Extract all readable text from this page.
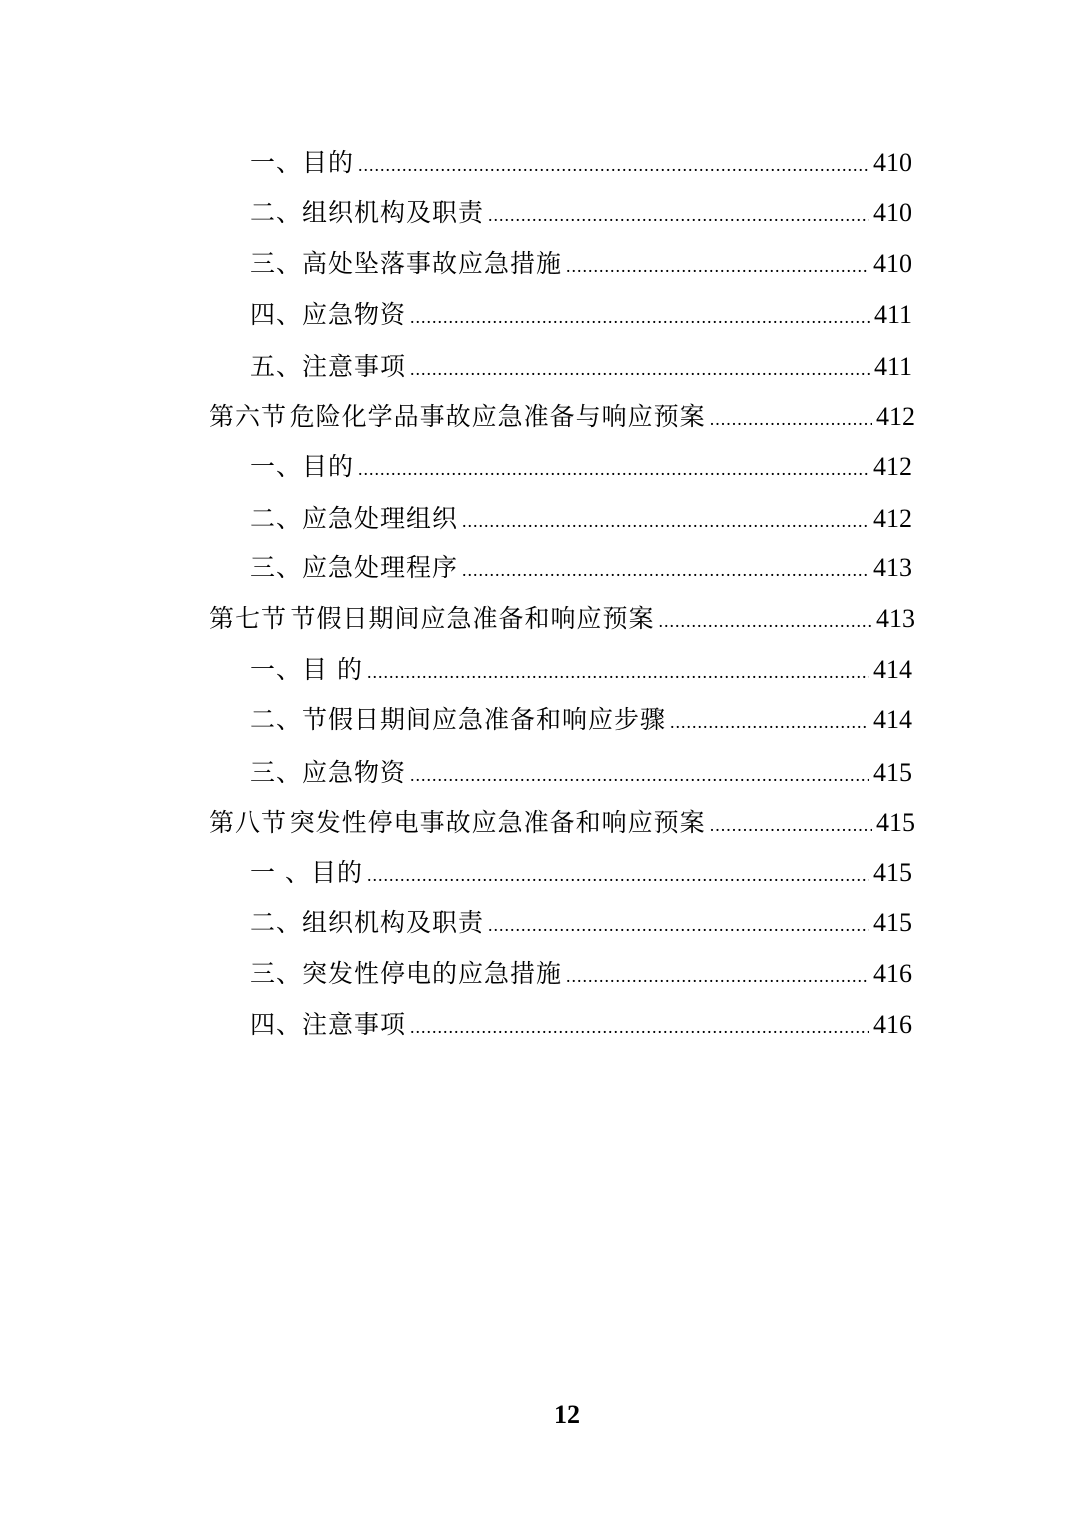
一、目的 .....	410
二、组织机构及职责 .....	410
三、高处坠落事故应急措施 .....	410
四、应急物资 .....	411
五、注意事项 .....	411
第六节 危险化学品事故应急准备与响应预案 .....	412
一、目的 .....	412
二、应急处理组织 .....	412
三、应急处理程序 .....	413
第七节 节假日期间应急准备和响应预案 .....	413
一、目 的 .....	414
二、节假日期间应急准备和响应步骤 .....	414
三、应急物资 .....	415
第八节 突发性停电事故应急准备和响应预案 .....	415
一 、目的 .....	415
二、组织机构及职责 .....	415
三、突发性停电的应急措施 .....	416
四、注意事项 .....	416
12
